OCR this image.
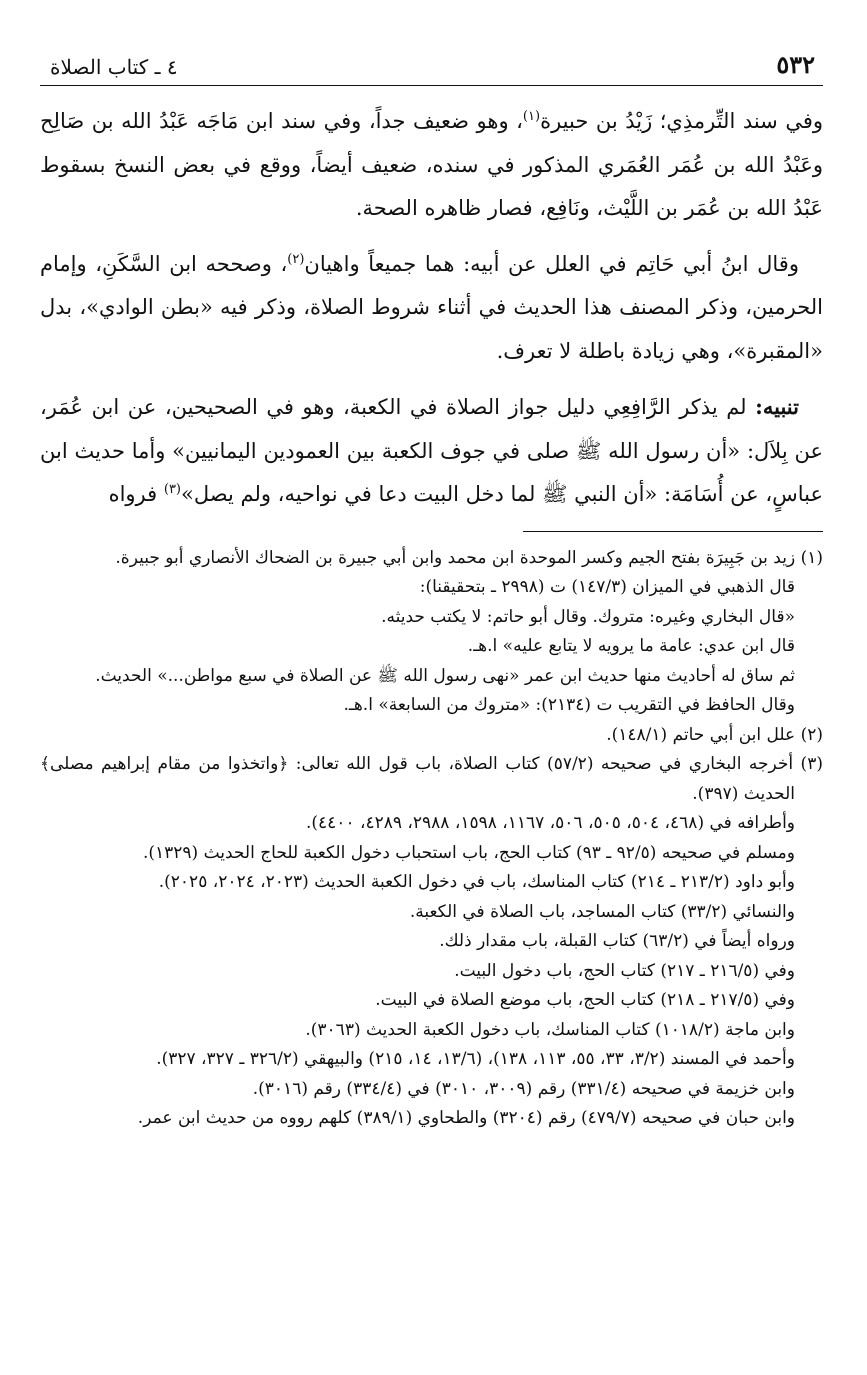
٥٣٢
٤ ـ كتاب الصلاة

وفي سند التِّرمذِي؛ زَيْدُ بن حبيرة$^{(١)}$، وهو ضعيف جداً، وفي سند ابن مَاجَه عَبْدُ الله بن صَالِح وعَبْدُ الله بن عُمَر العُمَري المذكور في سنده، ضعيف أيضاً، ووقع في بعض النسخ بسقوط عَبْدُ الله بن عُمَر بن اللَّيْث، ونَافِع، فصار ظاهره الصحة.

وقال ابنُ أبي حَاتِم في العلل عن أبيه: هما جميعاً واهيان$^{(٢)}$، وصححه ابن السَّكَنِ، وإمام الحرمين، وذكر المصنف هذا الحديث في أثناء شروط الصلاة، وذكر فيه «بطن الوادي»، بدل «المقبرة»، وهي زيادة باطلة لا تعرف.

تنبيه: لم يذكر الرَّافِعِي دليل جواز الصلاة في الكعبة، وهو في الصحيحين، عن ابن عُمَر، عن بِلاَل: «أن رسول الله ﷺ صلى في جوف الكعبة بين العمودين اليمانيين» وأما حديث ابن عباسٍ، عن أُسَامَة: «أن النبي ﷺ لما دخل البيت دعا في نواحيه، ولم يصل»$^{(٣)}$ فرواه

(١) زيد بن جَبِيرَة بفتح الجيم وكسر الموحدة ابن محمد وابن أبي جبيرة بن الضحاك الأنصاري أبو جبيرة.

قال الذهبي في الميزان (١٤٧/٣) ت (٢٩٩٨ ـ بتحقيقنا):

«قال البخاري وغيره: متروك. وقال أبو حاتم: لا يكتب حديثه.

قال ابن عدي: عامة ما يرويه لا يتابع عليه» ا.هـ.

ثم ساق له أحاديث منها حديث ابن عمر «نهى رسول الله ﷺ عن الصلاة في سبع مواطن...» الحديث.

وقال الحافظ في التقريب ت (٢١٣٤): «متروك من السابعة» ا.هـ.

(٢) علل ابن أبي حاتم (١٤٨/١).

(٣) أخرجه البخاري في صحيحه (٥٧/٢) كتاب الصلاة، باب قول الله تعالى: ﴿واتخذوا من مقام إبراهيم مصلى﴾ الحديث (٣٩٧).

وأطرافه في (٤٦٨، ٥٠٤، ٥٠٥، ٥٠٦، ١١٦٧، ١٥٩٨، ٢٩٨٨، ٤٢٨٩، ٤٤٠٠).

ومسلم في صحيحه (٩٢/٥ ـ ٩٣) كتاب الحج، باب استحباب دخول الكعبة للحاج الحديث (١٣٢٩).

وأبو داود (٢١٣/٢ ـ ٢١٤) كتاب المناسك، باب في دخول الكعبة الحديث (٢٠٢٣، ٢٠٢٤، ٢٠٢٥).

والنسائي (٣٣/٢) كتاب المساجد، باب الصلاة في الكعبة.

ورواه أيضاً في (٦٣/٢) كتاب القبلة، باب مقدار ذلك.

وفي (٢١٦/٥ ـ ٢١٧) كتاب الحج، باب دخول البيت.

وفي (٢١٧/٥ ـ ٢١٨) كتاب الحج، باب موضع الصلاة في البيت.

وابن ماجة (١٠١٨/٢) كتاب المناسك، باب دخول الكعبة الحديث (٣٠٦٣).

وأحمد في المسند (٣/٢، ٣٣، ٥٥، ١١٣، ١٣٨)، (١٣/٦، ١٤، ٢١٥) والبيهقي (٣٢٦/٢ ـ ٣٢٧، ٣٢٧).

وابن خزيمة في صحيحه (٣٣١/٤) رقم (٣٠٠٩، ٣٠١٠) في (٣٣٤/٤) رقم (٣٠١٦).

وابن حبان في صحيحه (٤٧٩/٧) رقم (٣٢٠٤) والطحاوي (٣٨٩/١) كلهم رووه من حديث ابن عمر.
